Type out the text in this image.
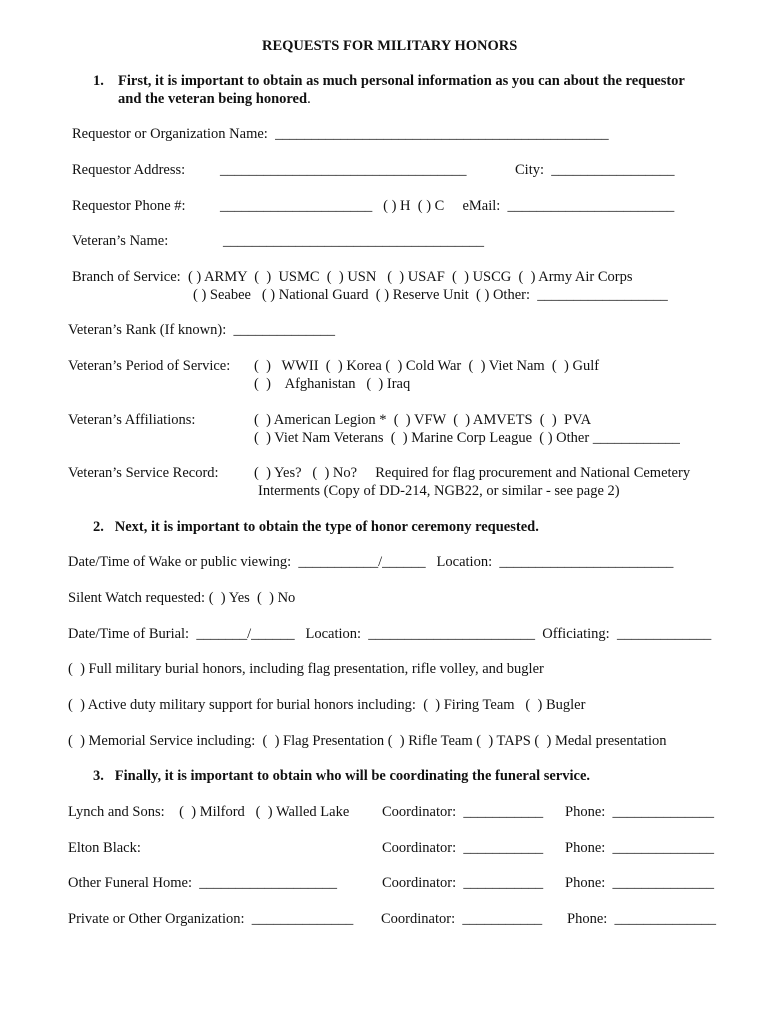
REQUESTS FOR MILITARY HONORS
1. First, it is important to obtain as much personal information as you can about the requestor
and the veteran being honored.
Requestor or Organization Name:  ______________________________________________
Requestor Address: __________________________________	City:  _________________
Requestor Phone #: _____________________   ( ) H  ( ) C     eMail:  _______________________
Veteran’s Name:	____________________________________
Branch of Service:  ( ) ARMY  (  )  USMC  (  ) USN   (  ) USAF  (  ) USCG  (  ) Army Air Corps
( ) Seabee   ( ) National Guard  ( ) Reserve Unit  ( ) Other:  __________________
Veteran’s Rank (If known):  ______________
Veteran’s Period of Service: (  )   WWII  (  ) Korea (  ) Cold War  (  ) Viet Nam  (  ) Gulf
(  )    Afghanistan   (  ) Iraq
Veteran’s Affiliations:	(  ) American Legion *  (  ) VFW  (  ) AMVETS  (  )  PVA
(  ) Viet Nam Veterans  (  ) Marine Corp League  ( ) Other ____________
Veteran’s Service Record: (  ) Yes?   (  ) No?     Required for flag procurement and National Cemetery
Interments (Copy of DD-214, NGB22, or similar - see page 2)
2.   Next, it is important to obtain the type of honor ceremony requested.
Date/Time of Wake or public viewing:  ___________/______   Location:  ________________________
Silent Watch requested: (  ) Yes  (  ) No
Date/Time of Burial:  _______/______   Location:  _______________________  Officiating:  _____________
(  ) Full military burial honors, including flag presentation, rifle volley, and bugler
(  ) Active duty military support for burial honors including:  (  ) Firing Team   (  ) Bugler
(  ) Memorial Service including:  (  ) Flag Presentation (  ) Rifle Team (  ) TAPS (  ) Medal presentation
3.   Finally, it is important to obtain who will be coordinating the funeral service.
Lynch and Sons:    (  ) Milford   (  ) Walled Lake Coordinator:  ___________ Phone:  ______________
Elton Black:	Coordinator:  ___________ Phone:  ______________
Other Funeral Home:  ___________________	Coordinator:  ___________ Phone:  ______________
Private or Other Organization:  ______________ Coordinator:  ___________ Phone:  ______________
